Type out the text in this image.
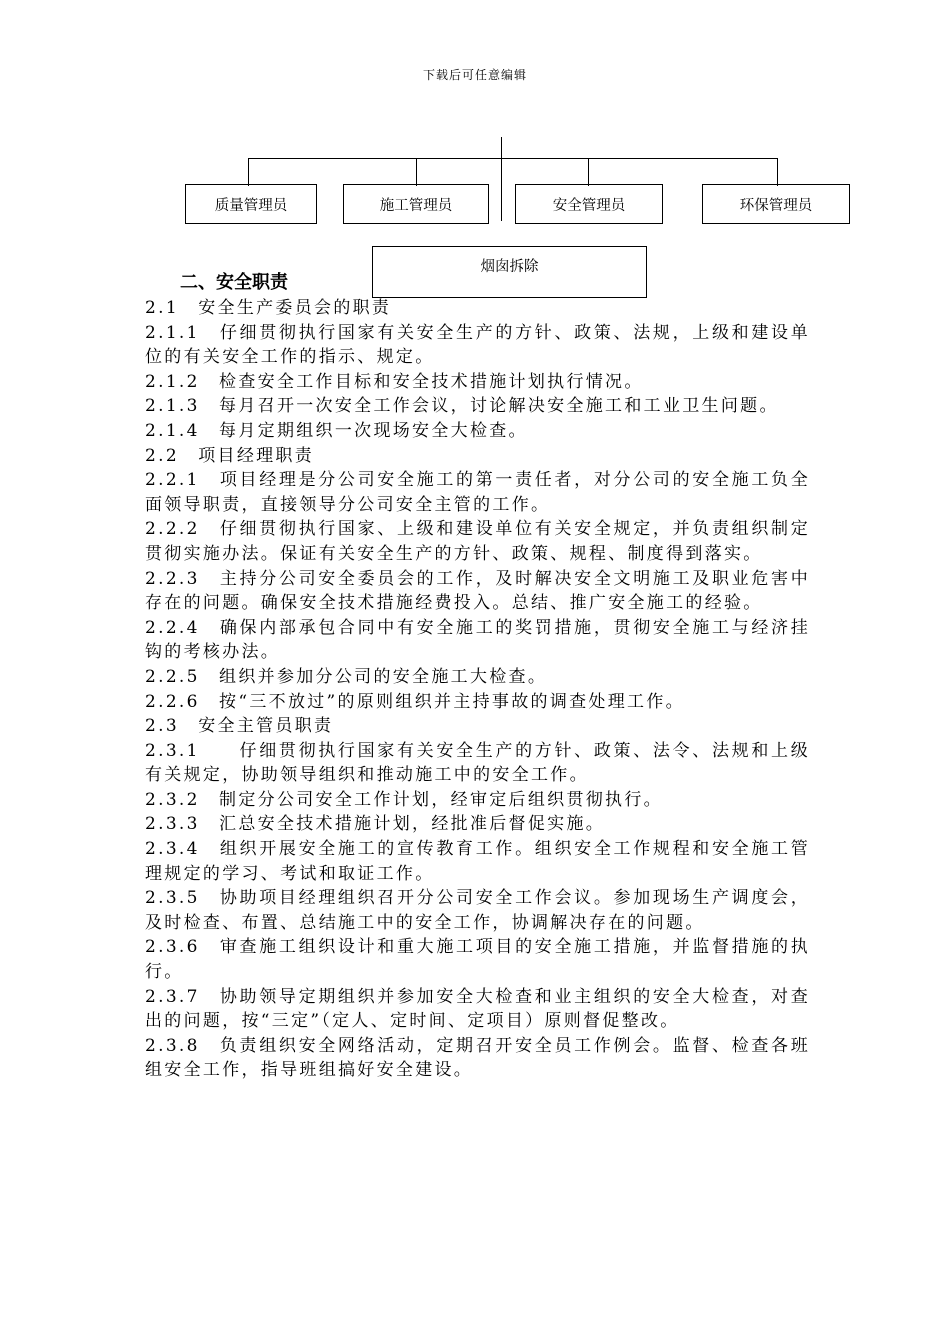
下载后可任意编辑
质量管理员	施工管理员	安全管理员	环保管理员
烟囱拆除
二、安全职责

2.1　安全生产委员会的职责

2.1.1　仔细贯彻执行国家有关安全生产的方针、政策、法规，上级和建设单位的有关安全工作的指示、规定。

2.1.2　检查安全工作目标和安全技术措施计划执行情况。

2.1.3　每月召开一次安全工作会议，讨论解决安全施工和工业卫生问题。

2.1.4　每月定期组织一次现场安全大检查。

2.2　项目经理职责

2.2.1　项目经理是分公司安全施工的第一责任者，对分公司的安全施工负全面领导职责，直接领导分公司安全主管的工作。

2.2.2　仔细贯彻执行国家、上级和建设单位有关安全规定，并负责组织制定贯彻实施办法。保证有关安全生产的方针、政策、规程、制度得到落实。

2.2.3　主持分公司安全委员会的工作，及时解决安全文明施工及职业危害中存在的问题。确保安全技术措施经费投入。总结、推广安全施工的经验。

2.2.4　确保内部承包合同中有安全施工的奖罚措施，贯彻安全施工与经济挂钩的考核办法。

2.2.5　组织并参加分公司的安全施工大检查。

2.2.6　按“三不放过”的原则组织并主持事故的调查处理工作。

2.3　安全主管员职责

2.3.1　　仔细贯彻执行国家有关安全生产的方针、政策、法令、法规和上级有关规定，协助领导组织和推动施工中的安全工作。

2.3.2　制定分公司安全工作计划，经审定后组织贯彻执行。

2.3.3　汇总安全技术措施计划，经批准后督促实施。

2.3.4　组织开展安全施工的宣传教育工作。组织安全工作规程和安全施工管理规定的学习、考试和取证工作。

2.3.5　协助项目经理组织召开分公司安全工作会议。参加现场生产调度会，及时检查、布置、总结施工中的安全工作，协调解决存在的问题。

2.3.6　审查施工组织设计和重大施工项目的安全施工措施，并监督措施的执行。

2.3.7　协助领导定期组织并参加安全大检查和业主组织的安全大检查，对查出的问题，按“三定”（定人、定时间、定项目）原则督促整改。

2.3.8　负责组织安全网络活动，定期召开安全员工作例会。监督、检查各班组安全工作，指导班组搞好安全建设。
